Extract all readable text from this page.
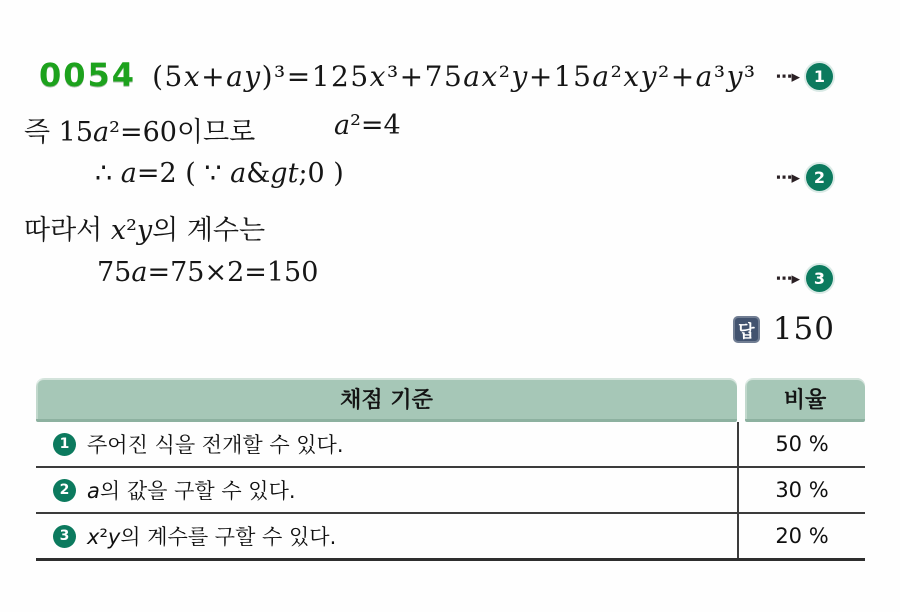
0054 (5x+ay)³=125x³+75ax²y+15a²xy²+a³y³ ⋯▸ 1
즉 15a²=60이므로	a²=4
∴ a=2 ( ∵ a&gt;0 )	⋯▸ 2
따라서 x²y의 계수는
75a=75×2=150	⋯▸ 3
답 150
채점 기준	비율
1 주어진 식을 전개할 수 있다.	50 %
2 a의 값을 구할 수 있다.	30 %
3 x²y의 계수를 구할 수 있다.	20 %
